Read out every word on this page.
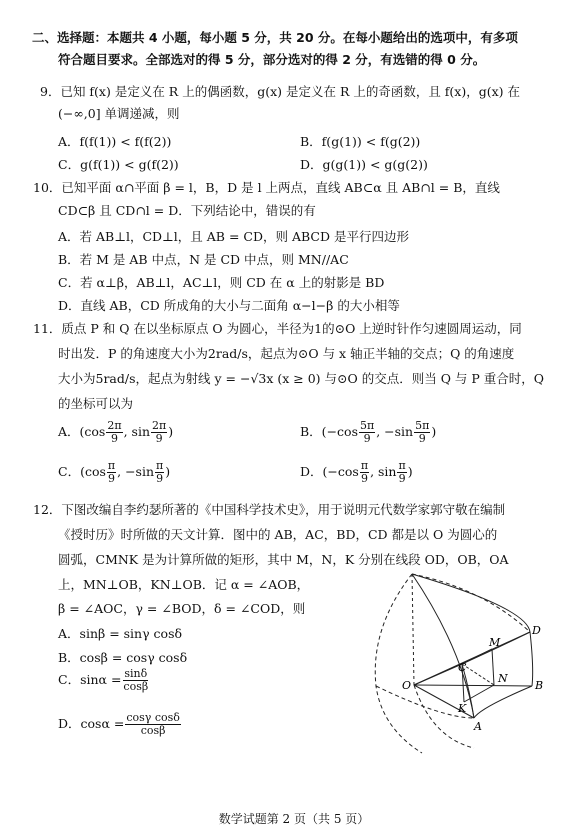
二、选择题：本题共 4 小题，每小题 5 分，共 20 分。在每小题给出的选项中，有多项
符合题目要求。全部选对的得 5 分，部分选对的得 2 分，有选错的得 0 分。
9．已知 f(x) 是定义在 R 上的偶函数，g(x) 是定义在 R 上的奇函数，且 f(x)，g(x) 在
(−∞,0] 单调递减，则
A．f(f(1)) < f(f(2))	B．f(g(1)) < f(g(2))
C．g(f(1)) < g(f(2))	D．g(g(1)) < g(g(2))
10．已知平面 α∩平面 β = l，B，D 是 l 上两点，直线 AB⊂α 且 AB∩l = B，直线
CD⊂β 且 CD∩l = D．下列结论中，错误的有
A．若 AB⊥l，CD⊥l，且 AB = CD，则 ABCD 是平行四边形
B．若 M 是 AB 中点，N 是 CD 中点，则 MN//AC
C．若 α⊥β，AB⊥l，AC⊥l，则 CD 在 α 上的射影是 BD
D．直线 AB，CD 所成角的大小与二面角 α−l−β 的大小相等
11．质点 P 和 Q 在以坐标原点 O 为圆心，半径为1的⊙O 上逆时针作匀速圆周运动，同
时出发．P 的角速度大小为2rad/s，起点为⊙O 与 x 轴正半轴的交点；Q 的角速度
大小为5rad/s，起点为射线 y = −√3x (x ≥ 0) 与⊙O 的交点．则当 Q 与 P 重合时，Q
的坐标可以为
A．($\cos \frac{2\pi}{9}$ , $\sin \frac{2\pi}{9}$ )	B．($-\cos \frac{5\pi}{9}$ , $-\sin \frac{5\pi}{9}$ )
C．($\cos \frac{\pi}{9}$ , $-\sin \frac{\pi}{9}$ )	D．($-\cos \frac{\pi}{9}$ , $\sin \frac{\pi}{9}$ )
12．下图改编自李约瑟所著的《中国科学技术史》，用于说明元代数学家郭守敬在编制
《授时历》时所做的天文计算．图中的 AB，AC，BD，CD 都是以 O 为圆心的
圆弧，CMNK 是为计算所做的矩形，其中 M，N，K 分别在线段 OD，OB，OA
上，MN⊥OB，KN⊥OB．记 α = ∠AOB，
β = ∠AOC，γ = ∠BOD，δ = ∠COD，则
A．sinβ = sinγ cosδ
B．cosβ = cosγ cosδ
C．$\sin\alpha = \frac{\sin\delta}{\cos\beta}$
D．$\cos\alpha = \frac{\text{cosγ cosδ}}{\cos\beta}$
O
A
B
C
D
M
N
K
数学试题第 2 页（共 5 页）
